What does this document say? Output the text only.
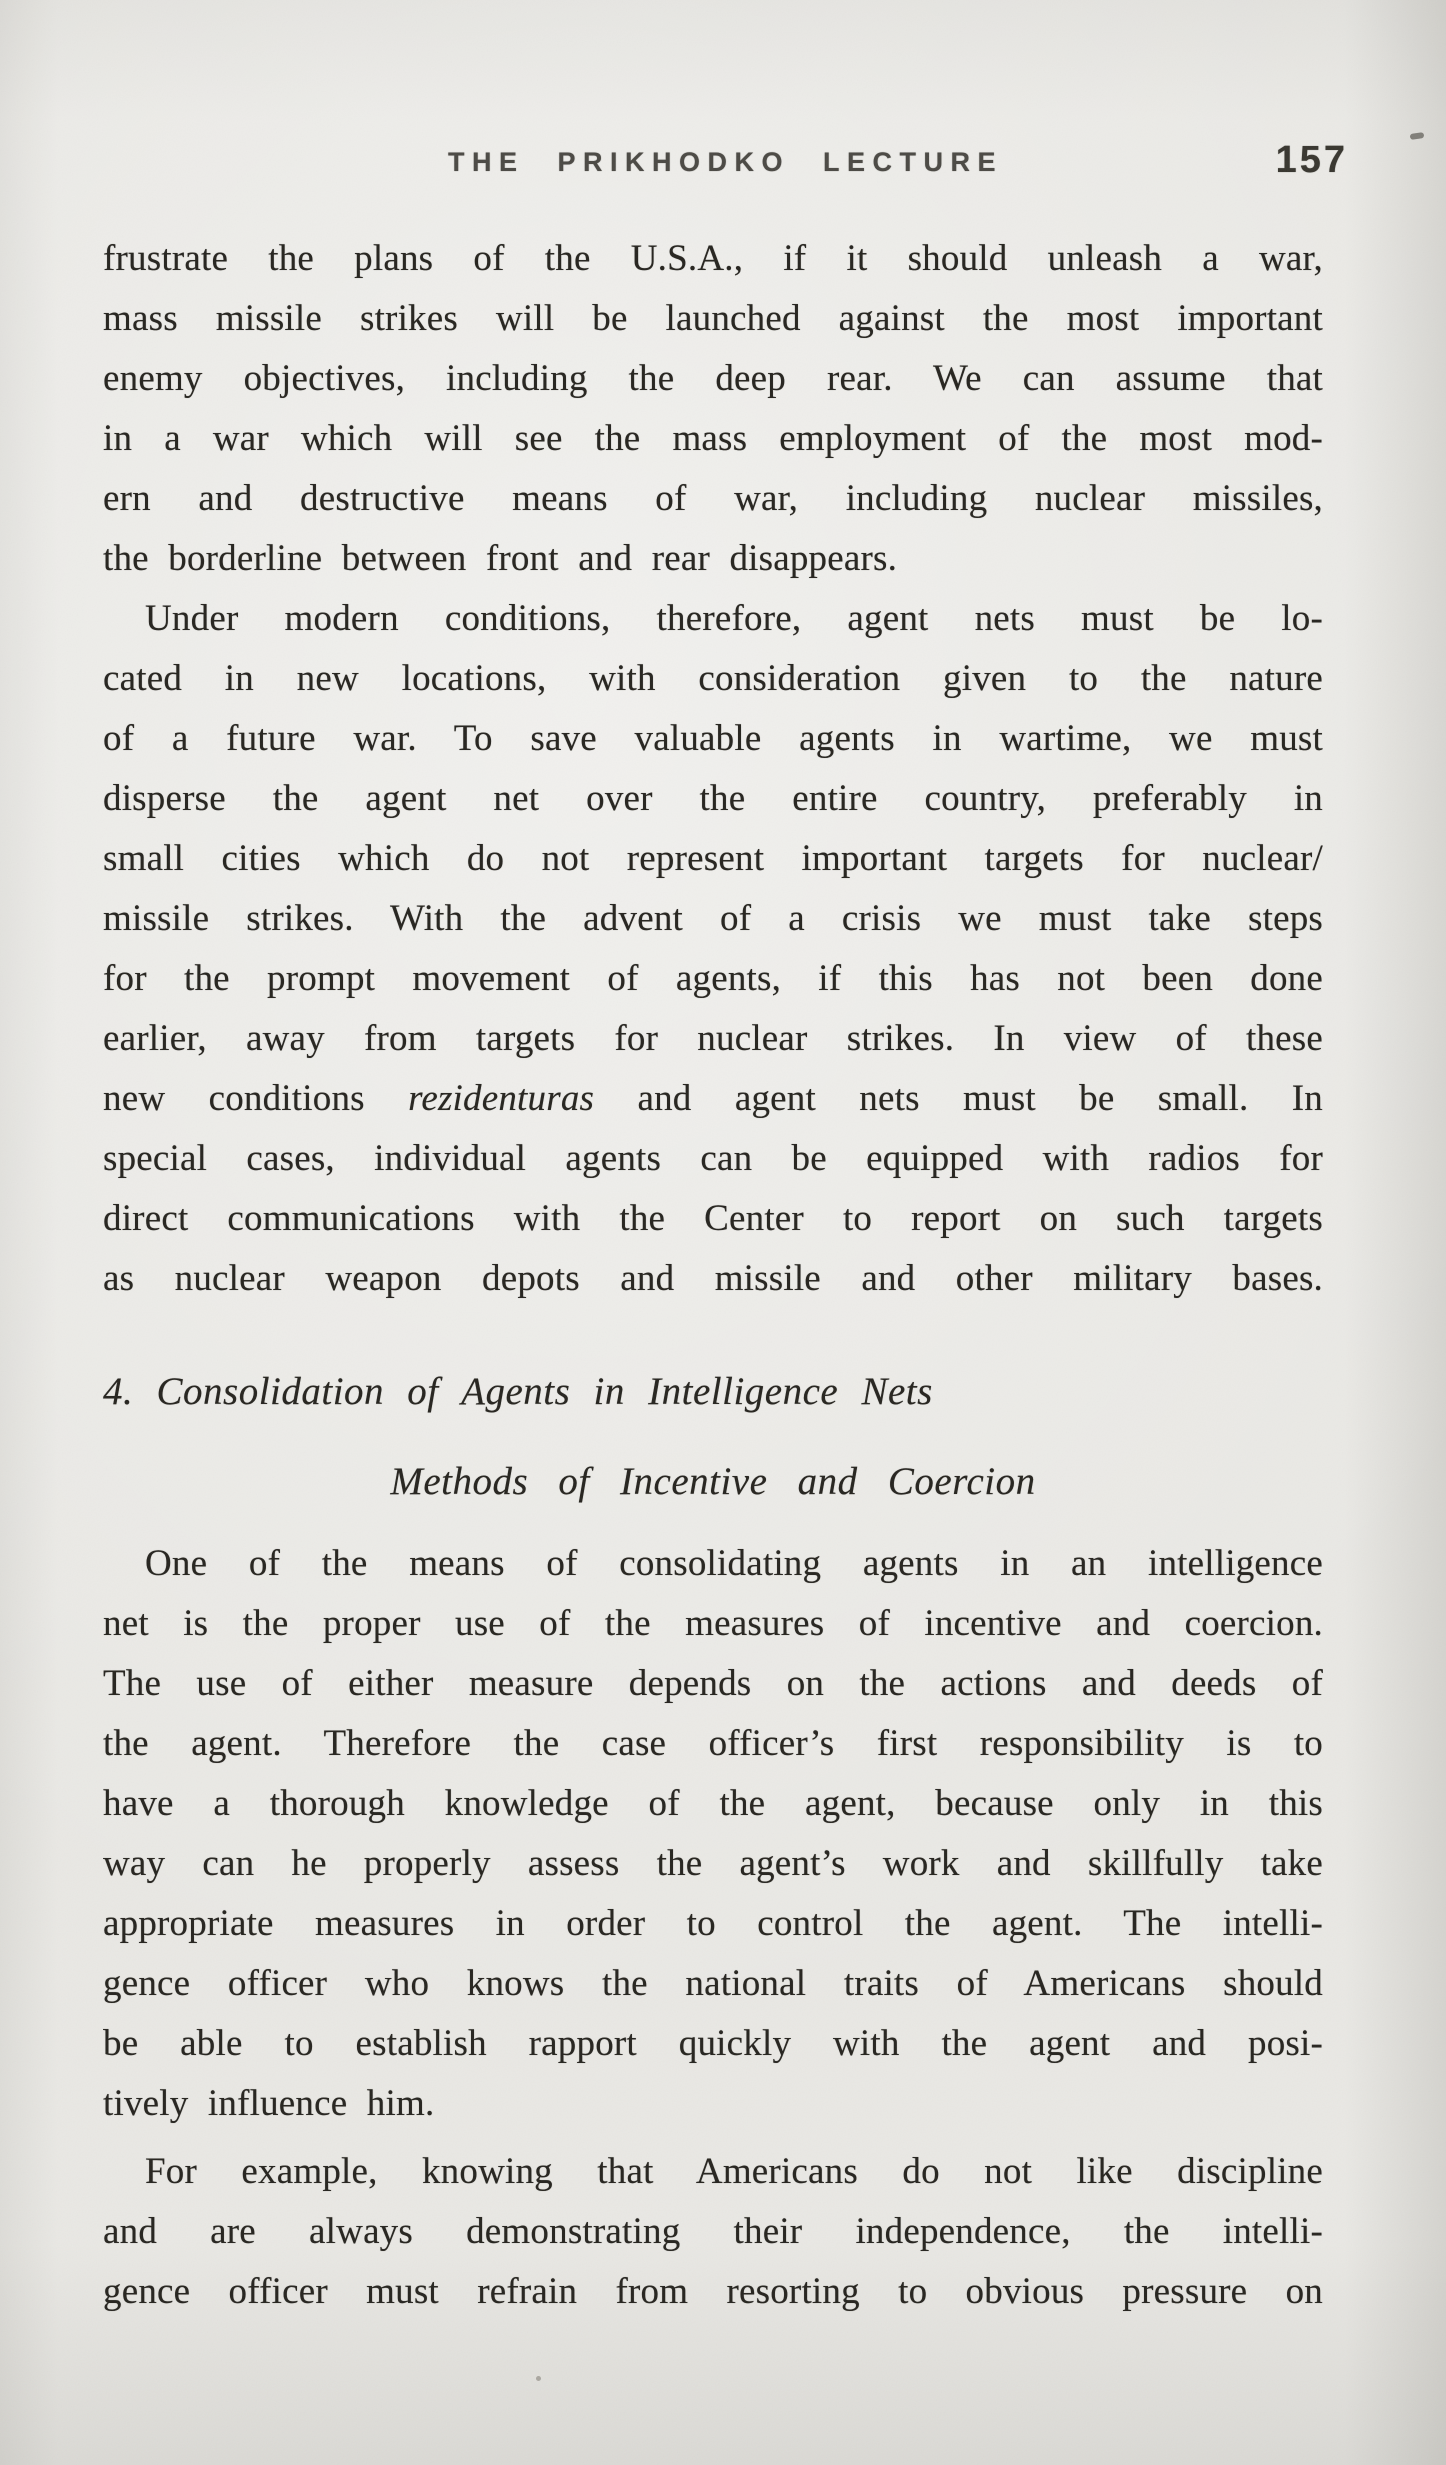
THE PRIKHODKO LECTURE	157
frustrate the plans of the U.S.A., if it should unleash a war,
mass missile strikes will be launched against the most important
enemy objectives, including the deep rear. We can assume that
in a war which will see the mass employment of the most mod-
ern and destructive means of war, including nuclear missiles,
the borderline between front and rear disappears.
Under modern conditions, therefore, agent nets must be lo-
cated in new locations, with consideration given to the nature
of a future war. To save valuable agents in wartime, we must
disperse the agent net over the entire country, preferably in
small cities which do not represent important targets for nuclear/
missile strikes. With the advent of a crisis we must take steps
for the prompt movement of agents, if this has not been done
earlier, away from targets for nuclear strikes. In view of these
new conditions rezidenturas and agent nets must be small. In
special cases, individual agents can be equipped with radios for
direct communications with the Center to report on such targets
as nuclear weapon depots and missile and other military bases.
4. Consolidation of Agents in Intelligence Nets
Methods of Incentive and Coercion
One of the means of consolidating agents in an intelligence
net is the proper use of the measures of incentive and coercion.
The use of either measure depends on the actions and deeds of
the agent. Therefore the case officer’s first responsibility is to
have a thorough knowledge of the agent, because only in this
way can he properly assess the agent’s work and skillfully take
appropriate measures in order to control the agent. The intelli-
gence officer who knows the national traits of Americans should
be able to establish rapport quickly with the agent and posi-
tively influence him.
For example, knowing that Americans do not like discipline
and are always demonstrating their independence, the intelli-
gence officer must refrain from resorting to obvious pressure on
